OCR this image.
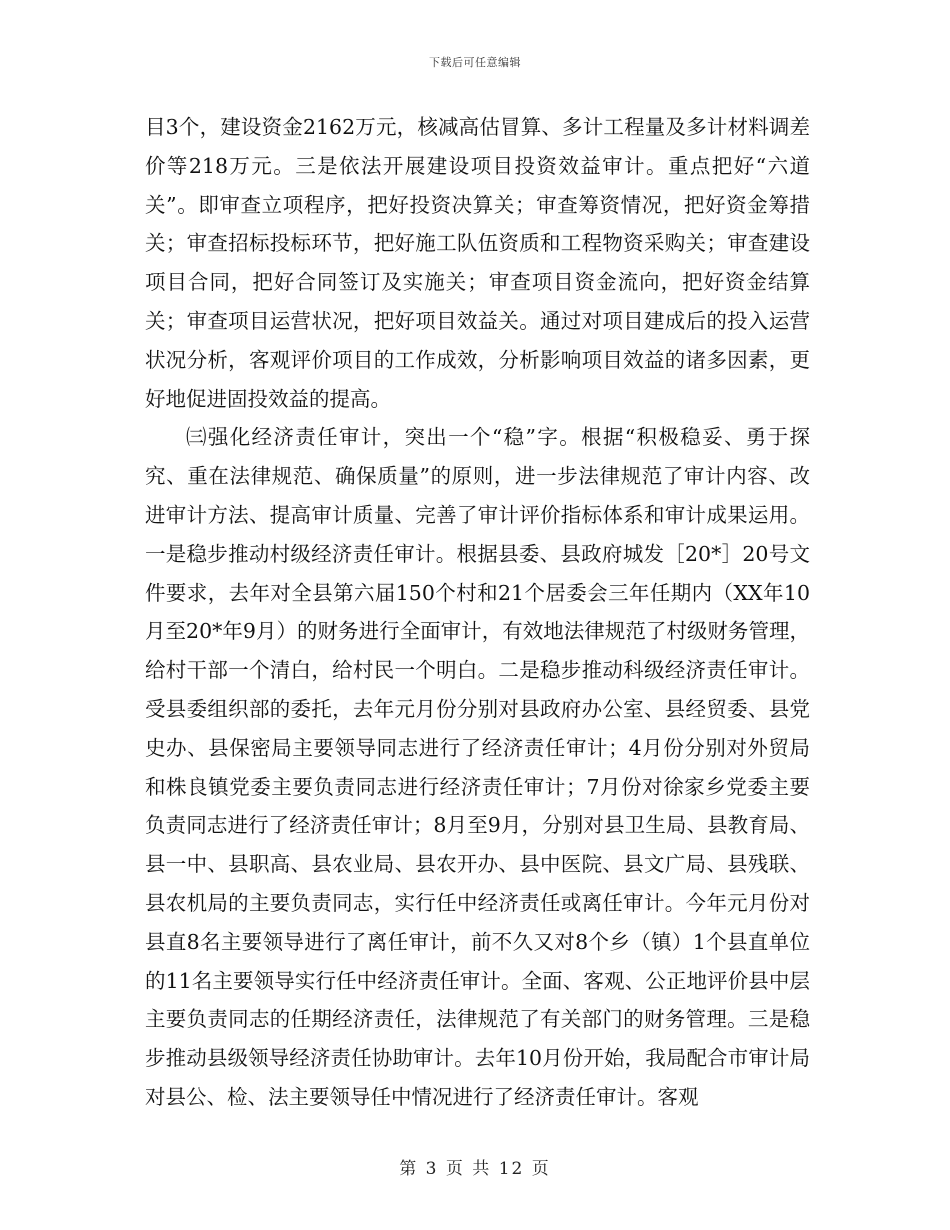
下载后可任意编辑

目3个，建设资金2162万元，核减高估冒算、多计工程量及多计材料调差价等218万元。三是依法开展建设项目投资效益审计。重点把好“六道关”。即审查立项程序，把好投资决算关；审查筹资情况，把好资金筹措关；审查招标投标环节，把好施工队伍资质和工程物资采购关；审查建设项目合同，把好合同签订及实施关；审查项目资金流向，把好资金结算关；审查项目运营状况，把好项目效益关。通过对项目建成后的投入运营状况分析，客观评价项目的工作成效，分析影响项目效益的诸多因素，更好地促进固投效益的提高。

㈢强化经济责任审计，突出一个“稳”字。根据“积极稳妥、勇于探究、重在法律规范、确保质量”的原则，进一步法律规范了审计内容、改进审计方法、提高审计质量、完善了审计评价指标体系和审计成果运用。一是稳步推动村级经济责任审计。根据县委、县政府城发［20*］20号文件要求，去年对全县第六届150个村和21个居委会三年任期内（XX年10月至20*年9月）的财务进行全面审计，有效地法律规范了村级财务管理，给村干部一个清白，给村民一个明白。二是稳步推动科级经济责任审计。受县委组织部的委托，去年元月份分别对县政府办公室、县经贸委、县党史办、县保密局主要领导同志进行了经济责任审计；4月份分别对外贸局和株良镇党委主要负责同志进行经济责任审计；7月份对徐家乡党委主要负责同志进行了经济责任审计；8月至9月，分别对县卫生局、县教育局、县一中、县职高、县农业局、县农开办、县中医院、县文广局、县残联、县农机局的主要负责同志，实行任中经济责任或离任审计。今年元月份对县直8名主要领导进行了离任审计，前不久又对8个乡（镇）1个县直单位的11名主要领导实行任中经济责任审计。全面、客观、公正地评价县中层主要负责同志的任期经济责任，法律规范了有关部门的财务管理。三是稳步推动县级领导经济责任协助审计。去年10月份开始，我局配合市审计局对县公、检、法主要领导任中情况进行了经济责任审计。客观

第 3 页 共 12 页
